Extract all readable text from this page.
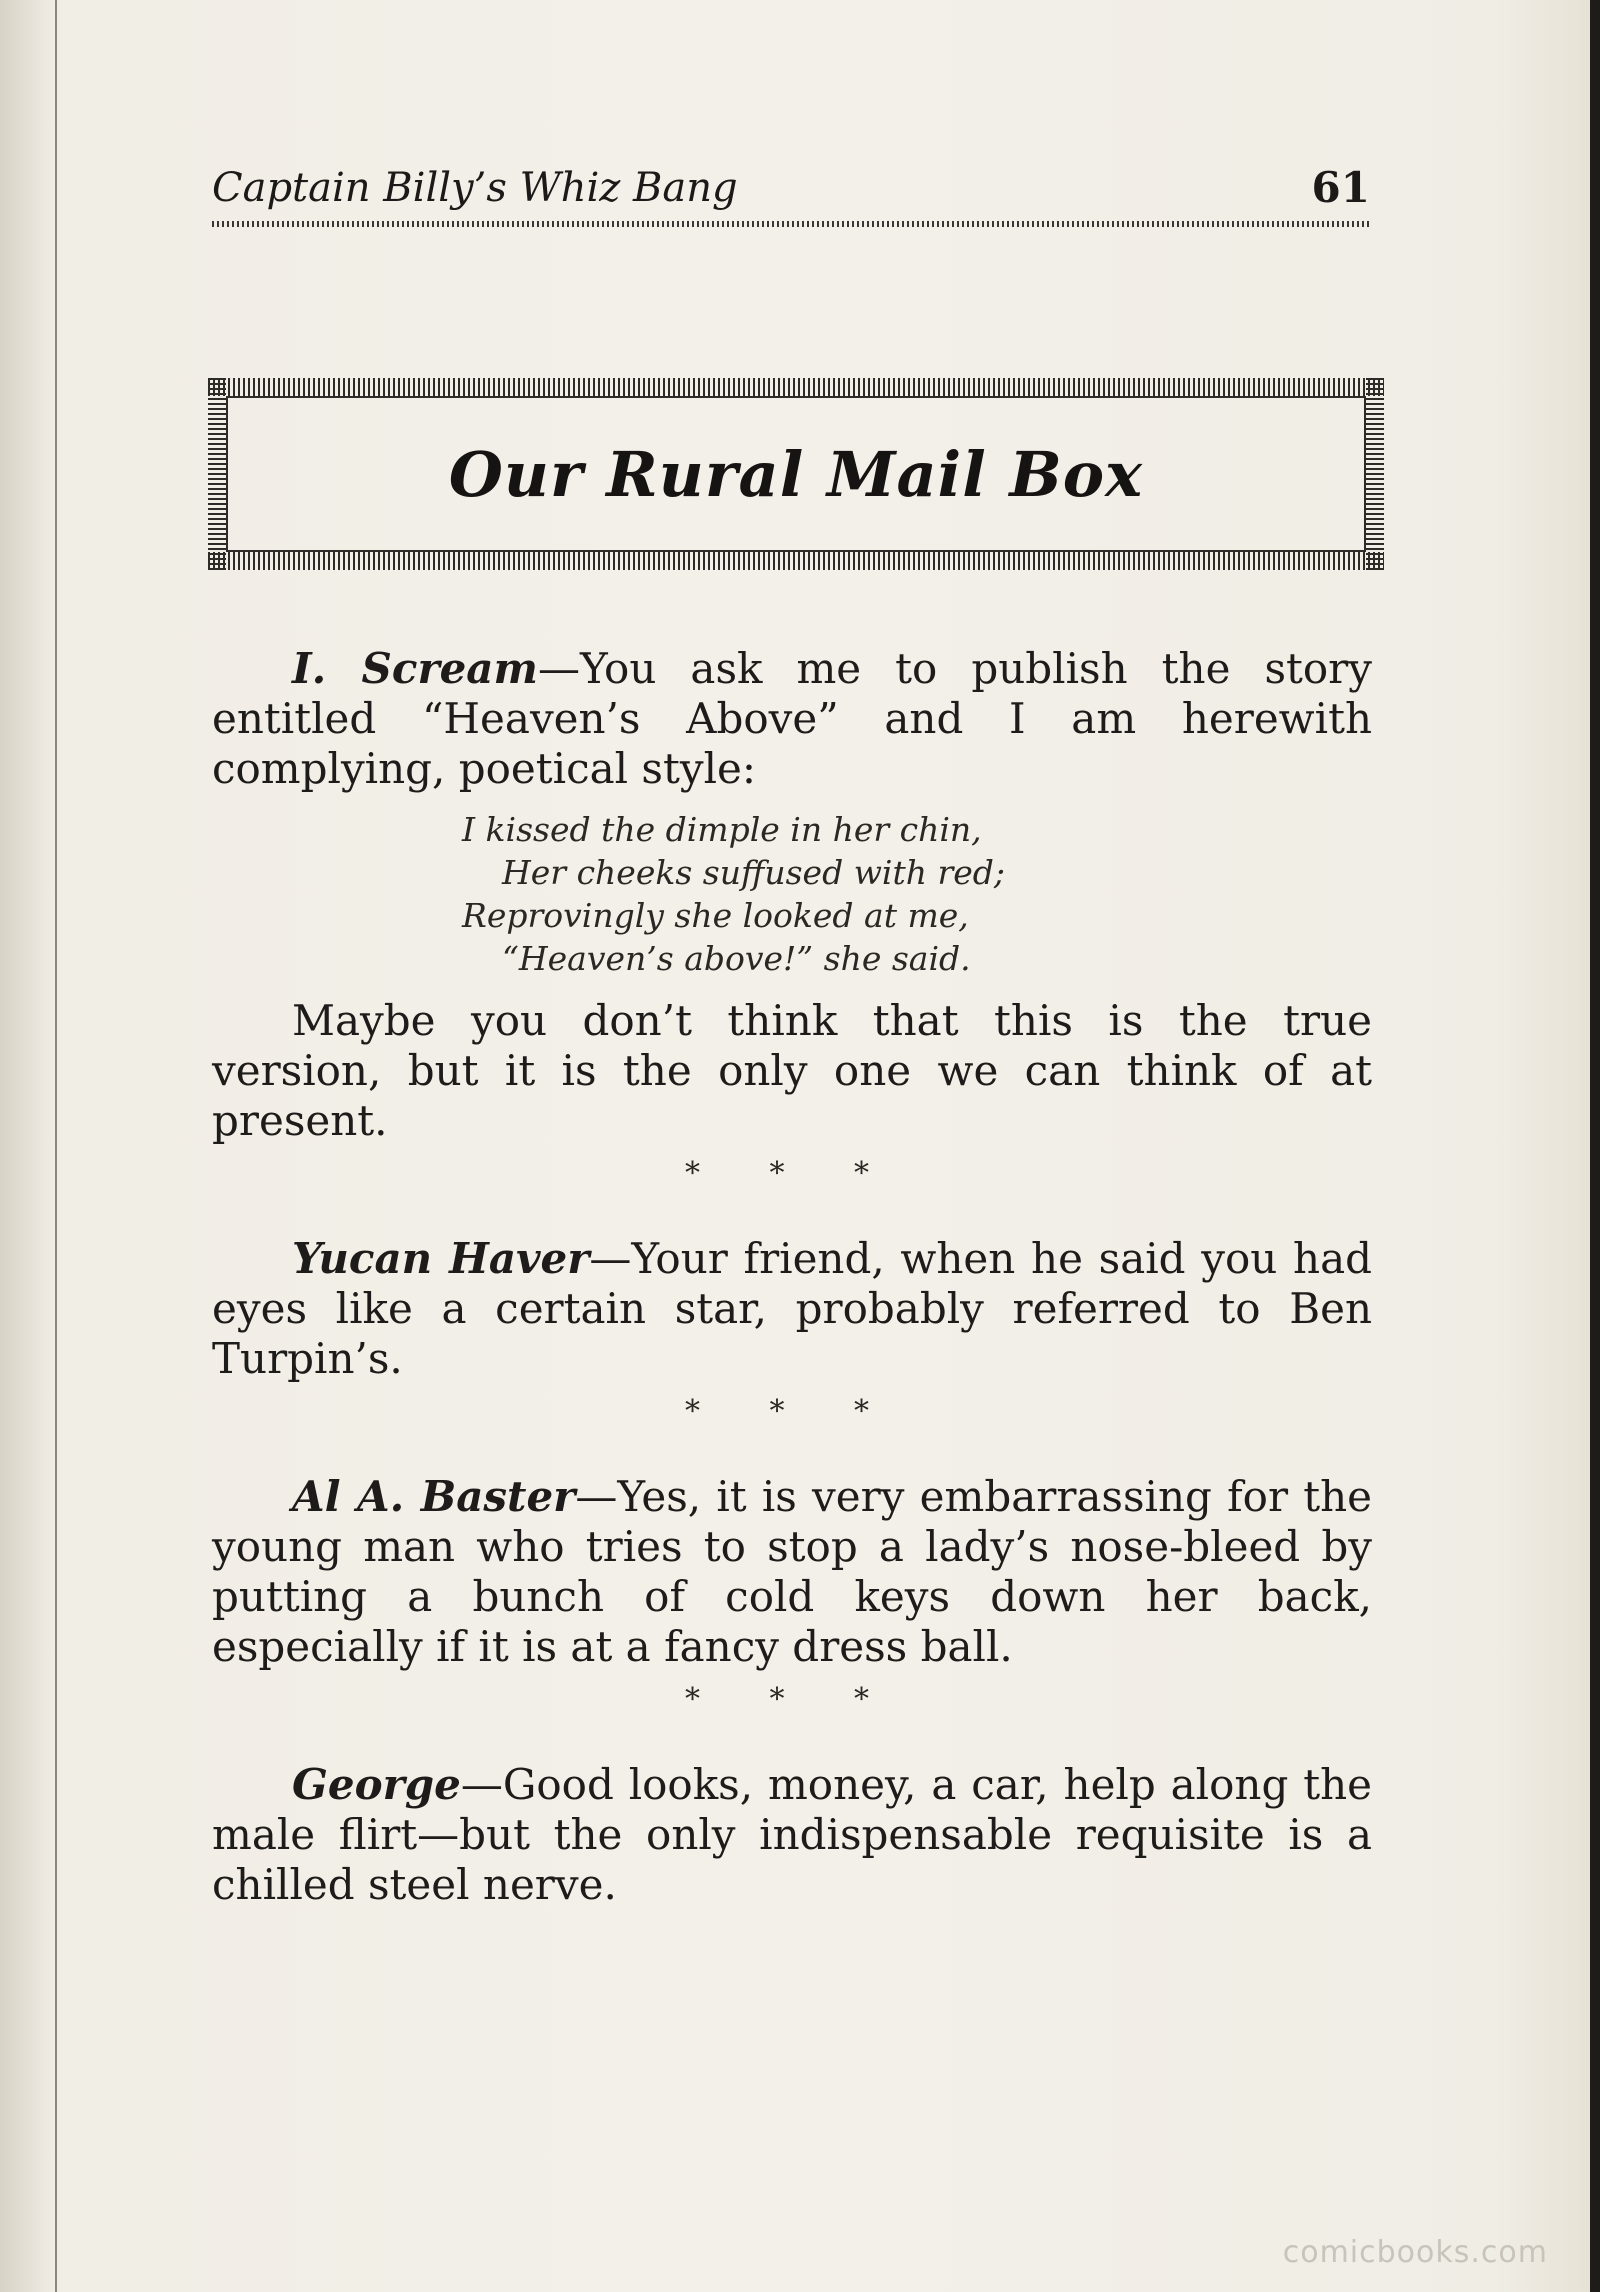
Captain Billy’s Whiz Bang	61
Our Rural Mail Box

I. Scream—You ask me to publish the story entitled “Heaven’s Above” and I am herewith complying, poetical style:

I kissed the dimple in her chin,
Her cheeks suffused with red;
Reprovingly she looked at me,
“Heaven’s above!” she said.

Maybe you don’t think that this is the true version, but it is the only one we can think of at present.

* * *

Yucan Haver—Your friend, when he said you had eyes like a certain star, probably referred to Ben Turpin’s.

* * *

Al A. Baster—Yes, it is very embarrassing for the young man who tries to stop a lady’s nose-bleed by putting a bunch of cold keys down her back, especially if it is at a fancy dress ball.

* * *

George—Good looks, money, a car, help along the male flirt—but the only indispensable requisite is a chilled steel nerve.

comicbooks.com
